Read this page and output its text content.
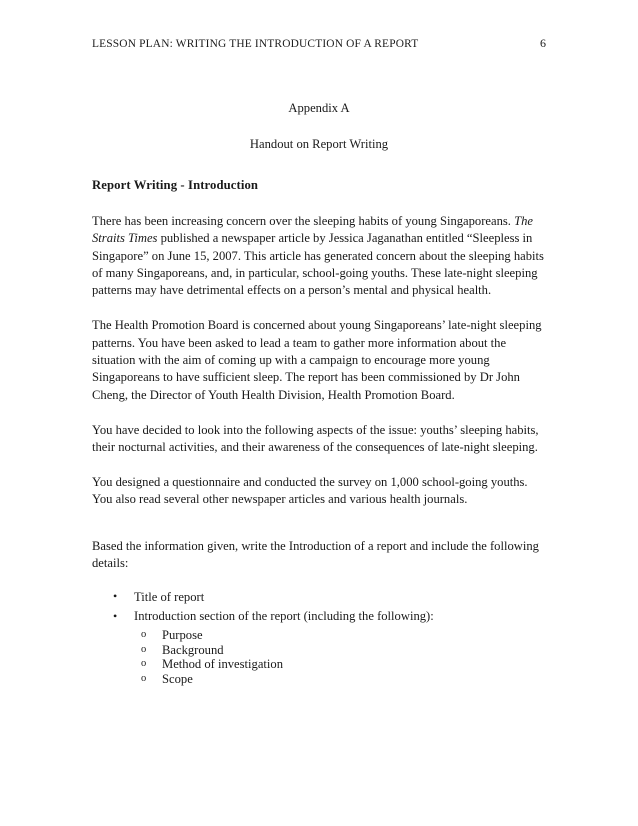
LESSON PLAN: WRITING THE INTRODUCTION OF A REPORT	6
Appendix A
Handout on Report Writing
Report Writing - Introduction

There has been increasing concern over the sleeping habits of young Singaporeans. The Straits Times published a newspaper article by Jessica Jaganathan entitled “Sleepless in Singapore” on June 15, 2007. This article has generated concern about the sleeping habits of many Singaporeans, and, in particular, school-going youths. These late-night sleeping patterns may have detrimental effects on a person’s mental and physical health.

The Health Promotion Board is concerned about young Singaporeans’ late-night sleeping patterns. You have been asked to lead a team to gather more information about the situation with the aim of coming up with a campaign to encourage more young Singaporeans to have sufficient sleep. The report has been commissioned by Dr John Cheng, the Director of Youth Health Division, Health Promotion Board.

You have decided to look into the following aspects of the issue: youths’ sleeping habits, their nocturnal activities, and their awareness of the consequences of late-night sleeping.

You designed a questionnaire and conducted the survey on 1,000 school-going youths. You also read several other newspaper articles and various health journals.

Based the information given, write the Introduction of a report and include the following details:

• Title of report
• Introduction section of the report (including the following):
o Purpose
o Background
o Method of investigation
o Scope
